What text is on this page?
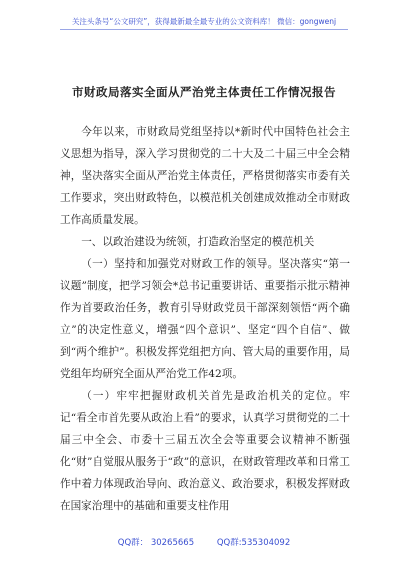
关注头条号“公文研究”，获得最新最全最专业的公文资料库！ 微信：gongwenj
市财政局落实全面从严治党主体责任工作情况报告

今年以来，市财政局党组坚持以*新时代中国特色社会主义思想为指导，深入学习贯彻党的二十大及二十届三中全会精神，坚决落实全面从严治党主体责任，严格贯彻落实市委有关工作要求，突出财政特色，以模范机关创建成效推动全市财政工作高质量发展。

一、以政治建设为统领，打造政治坚定的模范机关

（一）坚持和加强党对财政工作的领导。坚决落实“第一议题”制度，把学习领会*总书记重要讲话、重要指示批示精神作为首要政治任务，教育引导财政党员干部深刻领悟“两个确立”的决定性意义，增强“四个意识”、坚定“四个自信”、做到“两个维护”。积极发挥党组把方向、管大局的重要作用，局党组年均研究全面从严治党工作42项。

（一）牢牢把握财政机关首先是政治机关的定位。牢记“看全市首先要从政治上看”的要求，认真学习贯彻党的二十届三中全会、市委十三届五次全会等重要会议精神不断强化“财”自觉服从服务于“政”的意识，在财政管理改革和日常工作中着力体现政治导向、政治意义、政治要求，积极发挥财政在国家治理中的基础和重要支柱作用

QQ群： 30265665	QQ群:535304092
